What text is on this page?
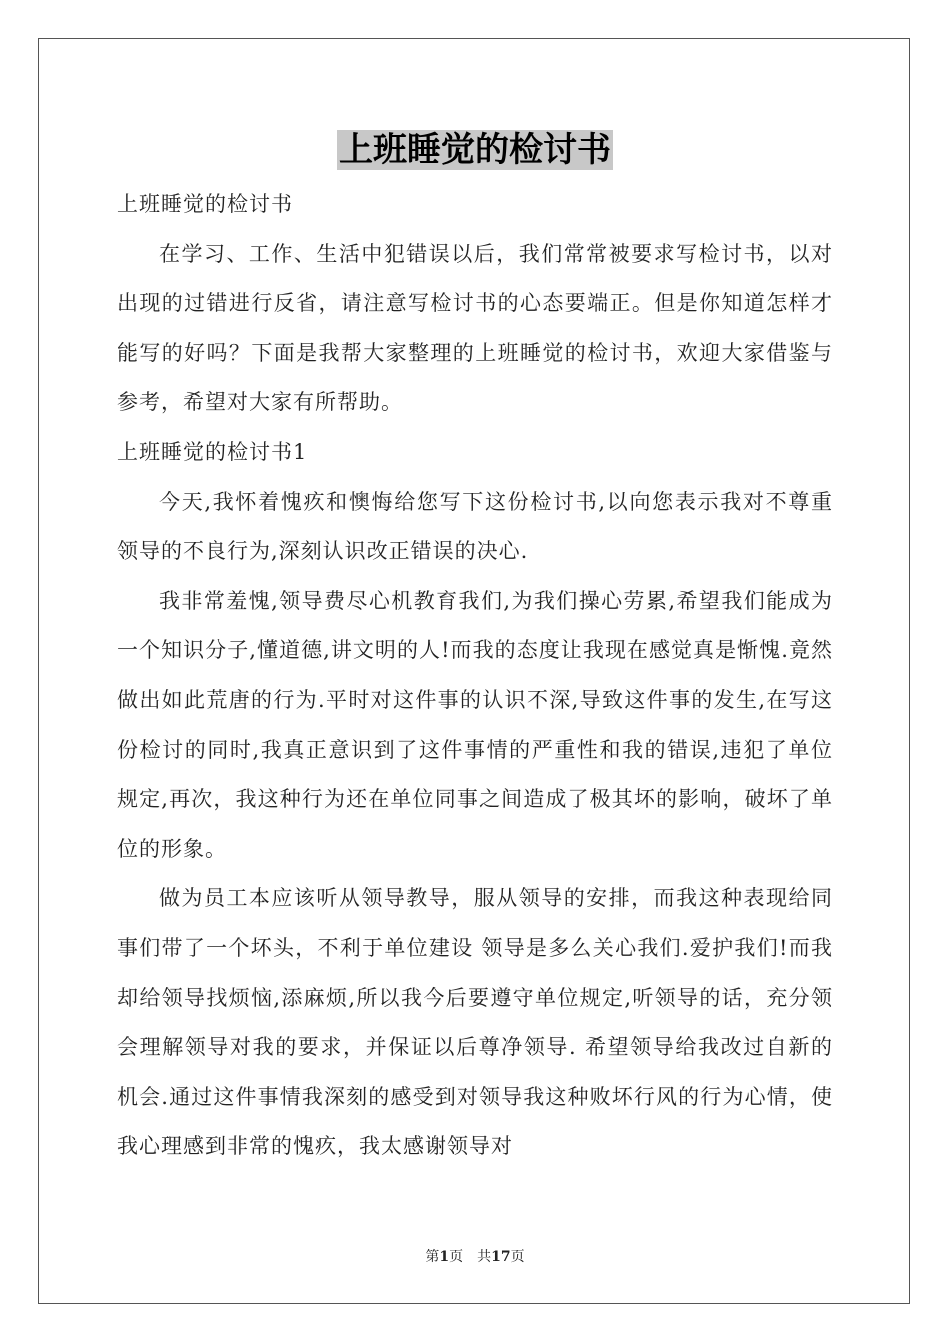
上班睡觉的检讨书

上班睡觉的检讨书

在学习、工作、生活中犯错误以后，我们常常被要求写检讨书，以对出现的过错进行反省，请注意写检讨书的心态要端正。但是你知道怎样才能写的好吗？下面是我帮大家整理的上班睡觉的检讨书，欢迎大家借鉴与参考，希望对大家有所帮助。

上班睡觉的检讨书1

今天,我怀着愧疚和懊悔给您写下这份检讨书,以向您表示我对不尊重领导的不良行为,深刻认识改正错误的决心.

我非常羞愧,领导费尽心机教育我们,为我们操心劳累,希望我们能成为一个知识分子,懂道德,讲文明的人!而我的态度让我现在感觉真是惭愧.竟然做出如此荒唐的行为.平时对这件事的认识不深,导致这件事的发生,在写这份检讨的同时,我真正意识到了这件事情的严重性和我的错误,违犯了单位规定,再次，我这种行为还在单位同事之间造成了极其坏的影响，破坏了单位的形象。

做为员工本应该听从领导教导，服从领导的安排，而我这种表现给同事们带了一个坏头，不利于单位建设 领导是多么关心我们.爱护我们!而我却给领导找烦恼,添麻烦,所以我今后要遵守单位规定,听领导的话，充分领会理解领导对我的要求，并保证以后尊净领导. 希望领导给我改过自新的机会.通过这件事情我深刻的感受到对领导我这种败坏行风的行为心情，使我心理感到非常的愧疚，我太感谢领导对

第1页　共17页
